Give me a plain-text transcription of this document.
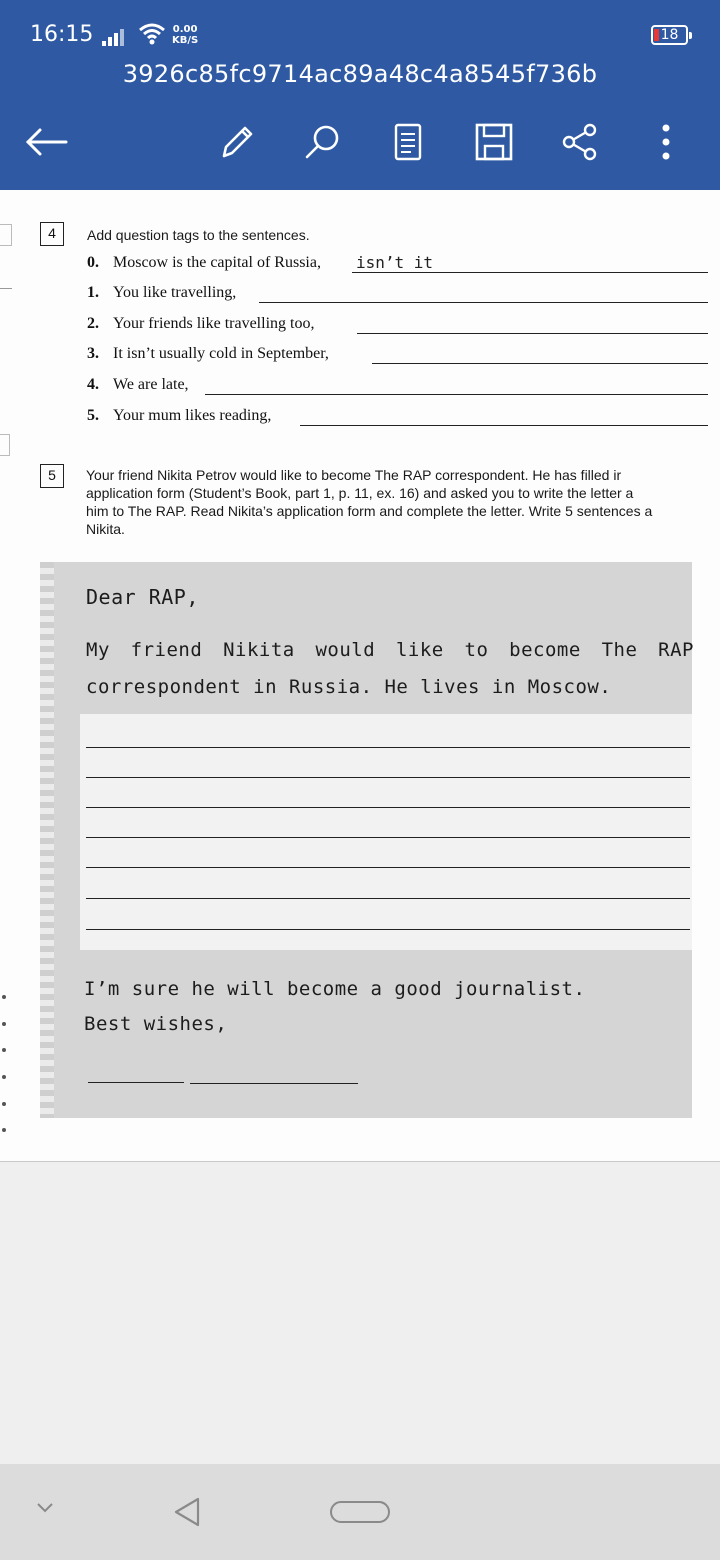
16:15	0.00
KB/S	18
3926c85fc9714ac89a48c4a8545f736b
4	Add question tags to the sentences.
0. Moscow is the capital of Russia, isn’t it
1. You like travelling,
2. Your friends like travelling too,
3. It isn’t usually cold in September,
4. We are late,
5. Your mum likes reading,
5	Your friend Nikita Petrov would like to become The RAP correspondent. He has filled ir
application form (Student’s Book, part 1, p. 11, ex. 16) and asked you to write the letter a
him to The RAP. Read Nikita’s application form and complete the letter. Write 5 sentences a
Nikita.
Dear RAP,
My friend Nikita would like to become The RAP
correspondent in Russia. He lives in Moscow.
I’m sure he will become a good journalist.
Best wishes,
